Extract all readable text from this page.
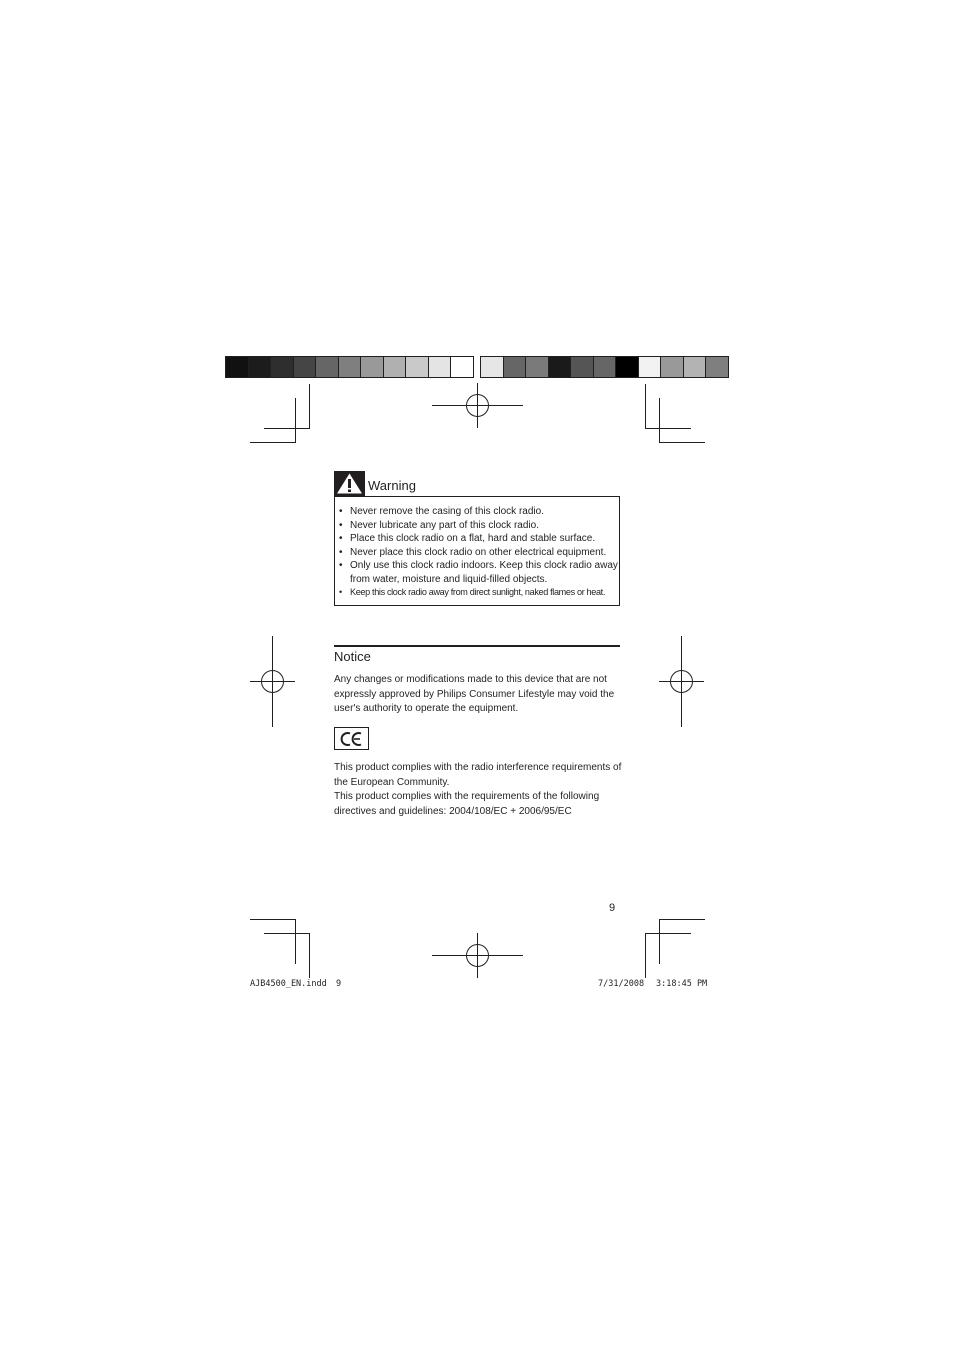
Warning
• Never remove the casing of this clock radio.
• Never lubricate any part of this clock radio.
• Place this clock radio on a flat, hard and stable surface.
• Never place this clock radio on other electrical equipment.
• Only use this clock radio indoors. Keep this clock radio away from water, moisture and liquid-filled objects.
• Keep this clock radio away from direct sunlight, naked flames or heat.
Notice

Any changes or modifications made to this device that are not expressly approved by Philips Consumer Lifestyle may void the user's authority to operate the equipment.

This product complies with the radio interference requirements of the European Community.

This product complies with the requirements of the following directives and guidelines: 2004/108/EC + 2006/95/EC

9
AJB4500_EN.indd 9	7/31/2008 3:18:45 PM
